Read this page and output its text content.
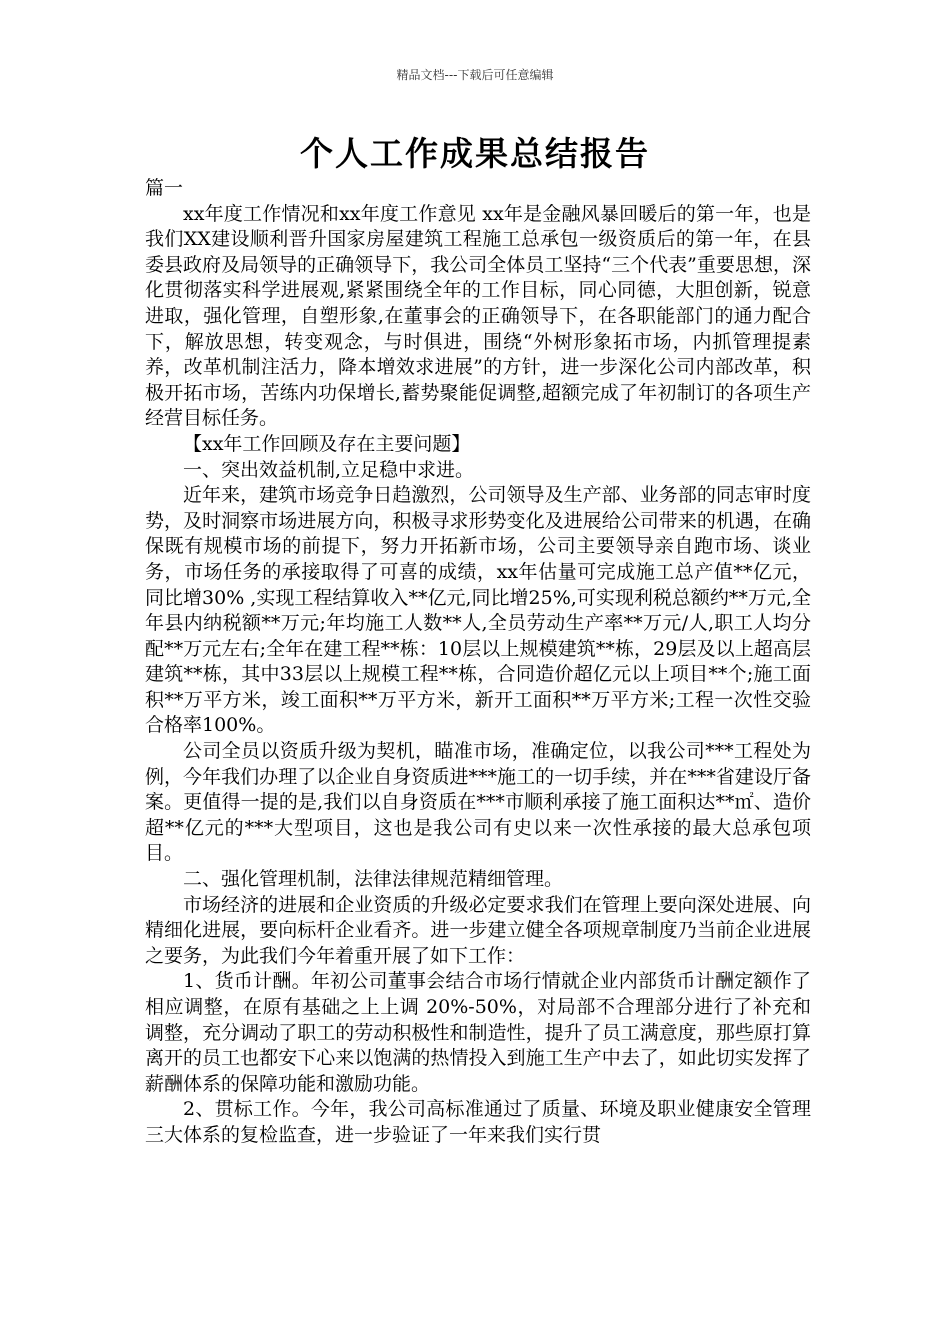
精品文档---下载后可任意编辑
个人工作成果总结报告

篇一

xx年度工作情况和xx年度工作意见 xx年是金融风暴回暖后的第一年，也是我们XX建设顺利晋升国家房屋建筑工程施工总承包一级资质后的第一年，在县委县政府及局领导的正确领导下，我公司全体员工坚持“三个代表”重要思想，深化贯彻落实科学进展观,紧紧围绕全年的工作目标，同心同德，大胆创新，锐意进取，强化管理，自塑形象,在董事会的正确领导下，在各职能部门的通力配合下，解放思想，转变观念，与时俱进，围绕“外树形象拓市场，内抓管理提素养，改革机制注活力，降本增效求进展”的方针，进一步深化公司内部改革，积极开拓市场，苦练内功保增长,蓄势聚能促调整,超额完成了年初制订的各项生产经营目标任务。

【xx年工作回顾及存在主要问题】

一、突出效益机制,立足稳中求进。

近年来，建筑市场竞争日趋激烈，公司领导及生产部、业务部的同志审时度势，及时洞察市场进展方向，积极寻求形势变化及进展给公司带来的机遇，在确保既有规模市场的前提下，努力开拓新市场，公司主要领导亲自跑市场、谈业务，市场任务的承接取得了可喜的成绩，xx年估量可完成施工总产值**亿元，同比增30% ,实现工程结算收入**亿元,同比增25%,可实现利税总额约**万元,全年县内纳税额**万元;年均施工人数**人,全员劳动生产率**万元/人,职工人均分配**万元左右;全年在建工程**栋：10层以上规模建筑**栋，29层及以上超高层建筑**栋，其中33层以上规模工程**栋，合同造价超亿元以上项目**个;施工面积**万平方米，竣工面积**万平方米，新开工面积**万平方米;工程一次性交验合格率100%。

公司全员以资质升级为契机，瞄准市场，准确定位，以我公司***工程处为例，今年我们办理了以企业自身资质进***施工的一切手续，并在***省建设厅备案。更值得一提的是,我们以自身资质在***市顺利承接了施工面积达**㎡、造价超**亿元的***大型项目，这也是我公司有史以来一次性承接的最大总承包项目。

二、强化管理机制，法律法律规范精细管理。

市场经济的进展和企业资质的升级必定要求我们在管理上要向深处进展、向精细化进展，要向标杆企业看齐。进一步建立健全各项规章制度乃当前企业进展之要务，为此我们今年着重开展了如下工作：

1、货币计酬。年初公司董事会结合市场行情就企业内部货币计酬定额作了相应调整，在原有基础之上上调 20%-50%，对局部不合理部分进行了补充和调整，充分调动了职工的劳动积极性和制造性，提升了员工满意度，那些原打算离开的员工也都安下心来以饱满的热情投入到施工生产中去了，如此切实发挥了薪酬体系的保障功能和激励功能。

2、贯标工作。今年，我公司高标准通过了质量、环境及职业健康安全管理三大体系的复检监查，进一步验证了一年来我们实行贯
